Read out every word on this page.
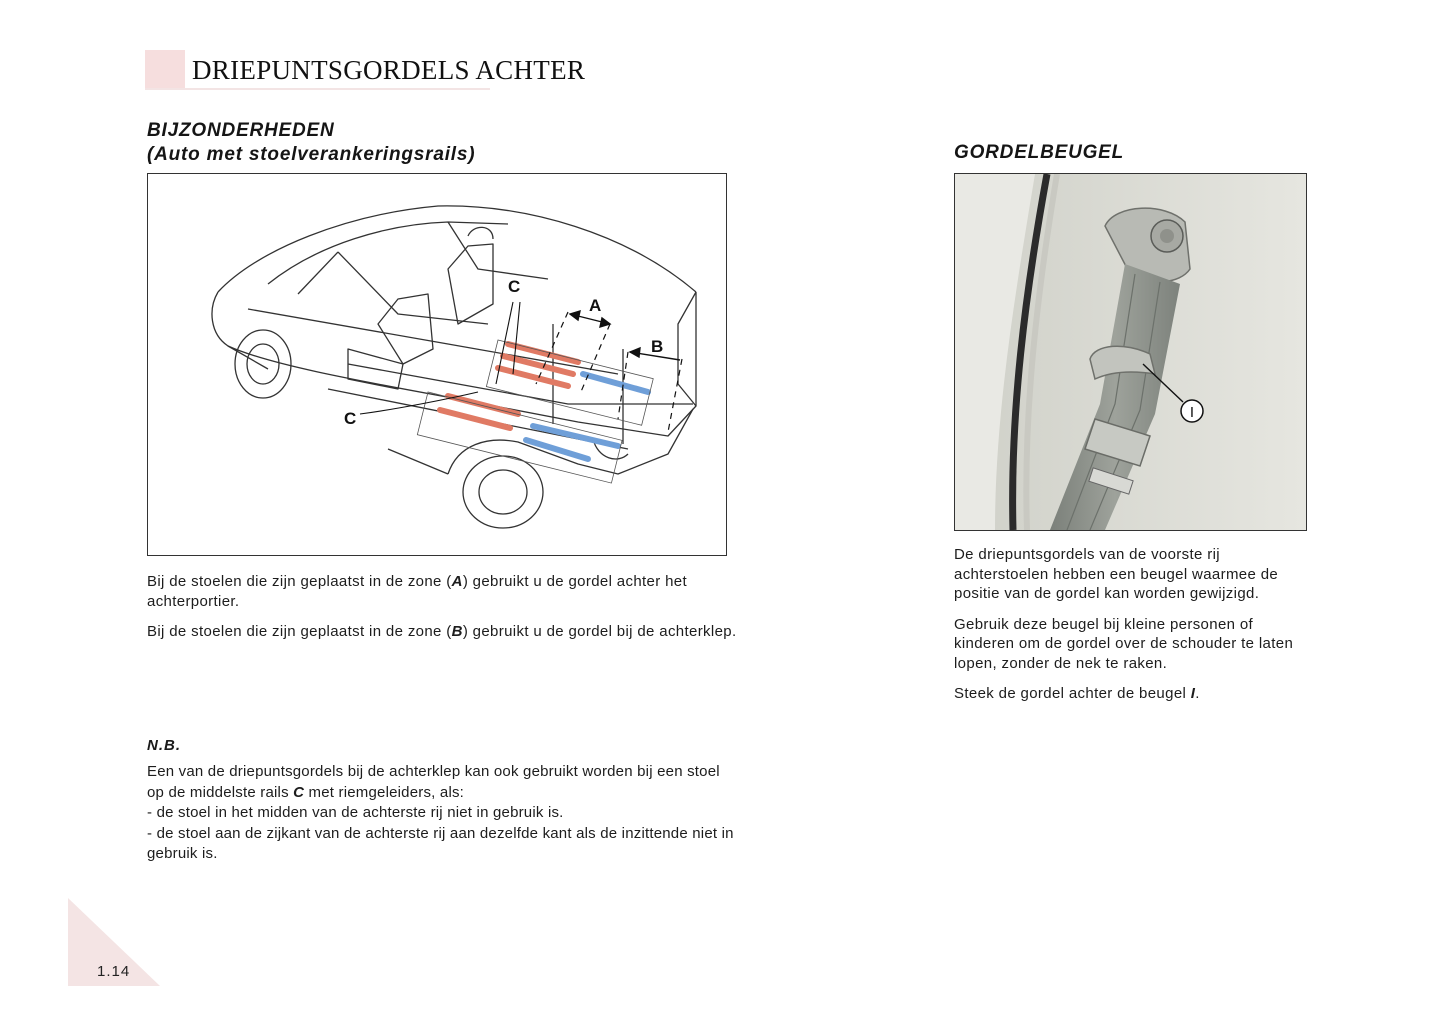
DRIEPUNTSGORDELS ACHTER
BIJZONDERHEDEN
(Auto met stoelverankeringsrails)
C
A
B
C

Bij de stoelen die zijn geplaatst in de zone (A) gebruikt u de gordel achter het achterportier.

Bij de stoelen die zijn geplaatst in de zone (B) gebruikt u de gordel bij de achterklep.

N.B.
Een van de driepuntsgordels bij de achterklep kan ook gebruikt worden bij een stoel op de middelste rails C met riemgeleiders, als:
- de stoel in het midden van de achterste rij niet in gebruik is.
- de stoel aan de zijkant van de achterste rij aan dezelfde kant als de inzittende niet in gebruik is.
GORDELBEUGEL
I

De driepuntsgordels van de voorste rij achterstoelen hebben een beugel waarmee de positie van de gordel kan worden gewijzigd.

Gebruik deze beugel bij kleine personen of kinderen om de gordel over de schouder te laten lopen, zonder de nek te raken.

Steek de gordel achter de beugel I.

1.14
